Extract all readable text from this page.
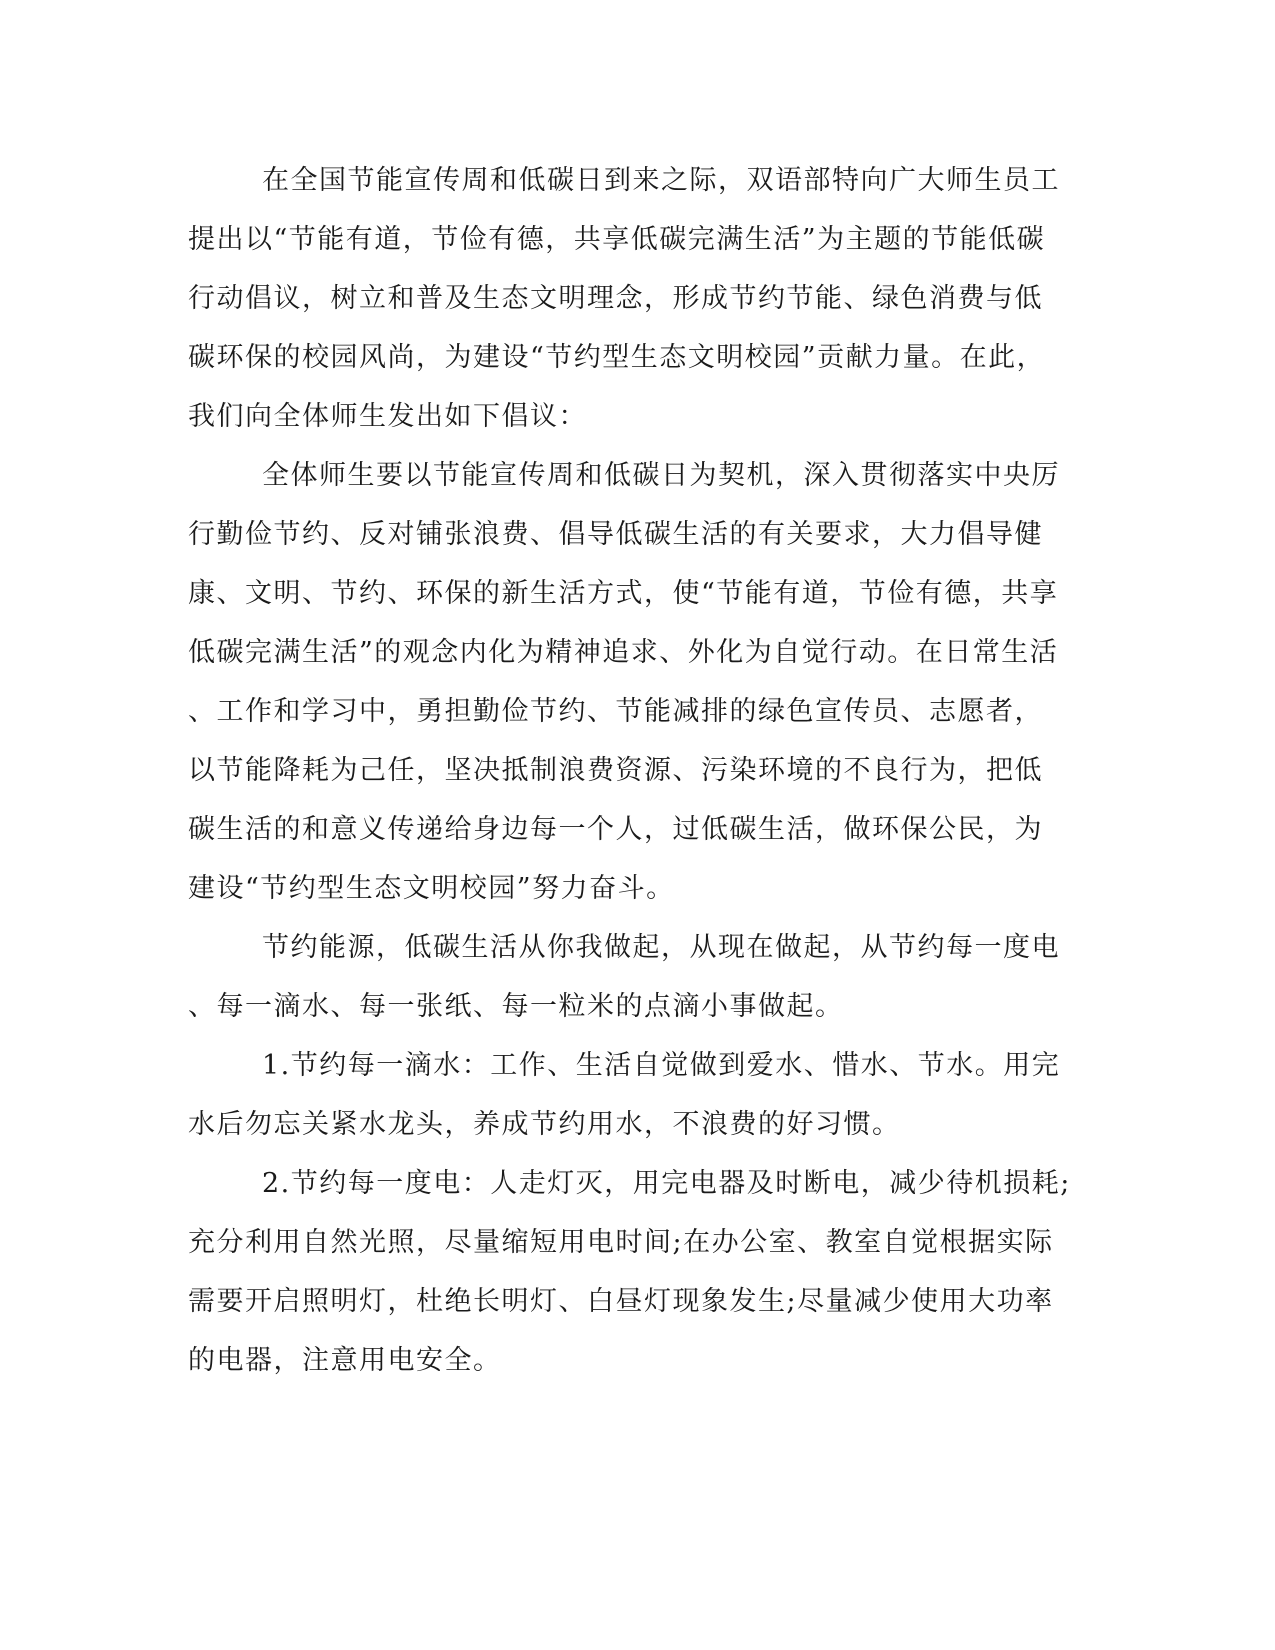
在全国节能宣传周和低碳日到来之际，双语部特向广大师生员工
提出以“节能有道，节俭有德，共享低碳完满生活”为主题的节能低碳
行动倡议，树立和普及生态文明理念，形成节约节能、绿色消费与低
碳环保的校园风尚，为建设“节约型生态文明校园”贡献力量。在此，
我们向全体师生发出如下倡议：
全体师生要以节能宣传周和低碳日为契机，深入贯彻落实中央厉
行勤俭节约、反对铺张浪费、倡导低碳生活的有关要求，大力倡导健
康、文明、节约、环保的新生活方式，使“节能有道，节俭有德，共享
低碳完满生活”的观念内化为精神追求、外化为自觉行动。在日常生活
、工作和学习中，勇担勤俭节约、节能减排的绿色宣传员、志愿者，
以节能降耗为己任，坚决抵制浪费资源、污染环境的不良行为，把低
碳生活的和意义传递给身边每一个人，过低碳生活，做环保公民，为
建设“节约型生态文明校园”努力奋斗。
节约能源，低碳生活从你我做起，从现在做起，从节约每一度电
、每一滴水、每一张纸、每一粒米的点滴小事做起。
1.节约每一滴水：工作、生活自觉做到爱水、惜水、节水。用完
水后勿忘关紧水龙头，养成节约用水，不浪费的好习惯。
2.节约每一度电：人走灯灭，用完电器及时断电，减少待机损耗;
充分利用自然光照，尽量缩短用电时间;在办公室、教室自觉根据实际
需要开启照明灯，杜绝长明灯、白昼灯现象发生;尽量减少使用大功率
的电器，注意用电安全。
